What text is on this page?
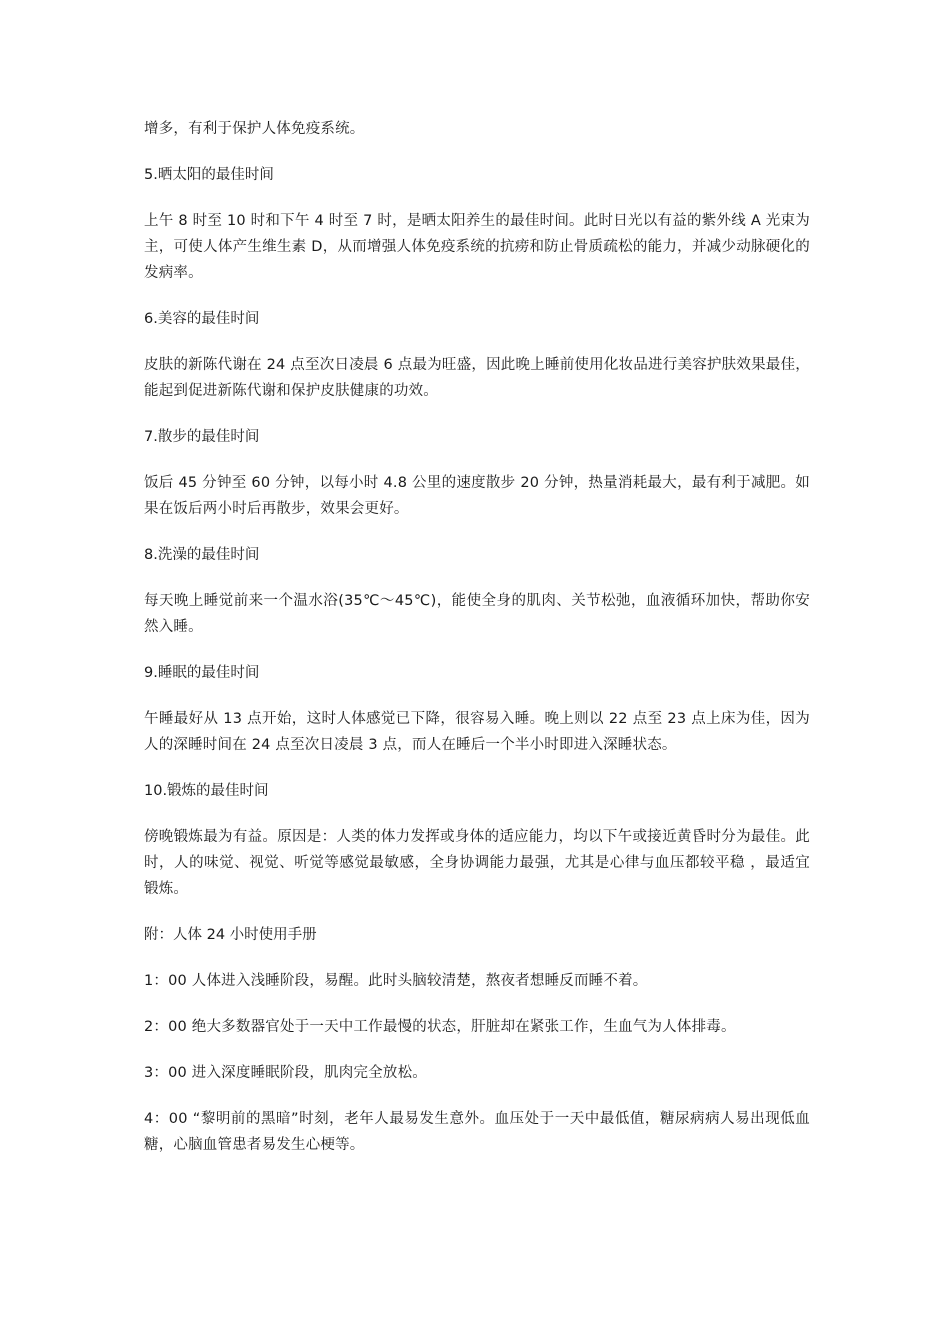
增多，有利于保护人体免疫系统。

5.晒太阳的最佳时间

上午 8 时至 10 时和下午 4 时至 7 时，是晒太阳养生的最佳时间。此时日光以有益的紫外线 A 光束为主，可使人体产生维生素 D，从而增强人体免疫系统的抗痨和防止骨质疏松的能力，并减少动脉硬化的发病率。

6.美容的最佳时间

皮肤的新陈代谢在 24 点至次日凌晨 6 点最为旺盛，因此晚上睡前使用化妆品进行美容护肤效果最佳，能起到促进新陈代谢和保护皮肤健康的功效。

7.散步的最佳时间

饭后 45 分钟至 60 分钟，以每小时 4.8 公里的速度散步 20 分钟，热量消耗最大，最有利于减肥。如果在饭后两小时后再散步，效果会更好。

8.洗澡的最佳时间

每天晚上睡觉前来一个温水浴(35℃～45℃)，能使全身的肌肉、关节松弛，血液循环加快，帮助你安然入睡。

9.睡眠的最佳时间

午睡最好从 13 点开始，这时人体感觉已下降，很容易入睡。晚上则以 22 点至 23 点上床为佳，因为人的深睡时间在 24 点至次日凌晨 3 点，而人在睡后一个半小时即进入深睡状态。

10.锻炼的最佳时间

傍晚锻炼最为有益。原因是：人类的体力发挥或身体的适应能力，均以下午或接近黄昏时分为最佳。此时，人的味觉、视觉、听觉等感觉最敏感，全身协调能力最强，尤其是心律与血压都较平稳 ，最适宜锻炼。

附：人体 24 小时使用手册

1：00 人体进入浅睡阶段，易醒。此时头脑较清楚，熬夜者想睡反而睡不着。

2：00 绝大多数器官处于一天中工作最慢的状态，肝脏却在紧张工作，生血气为人体排毒。

3：00 进入深度睡眠阶段，肌肉完全放松。

4：00 “黎明前的黑暗”时刻，老年人最易发生意外。血压处于一天中最低值，糖尿病病人易出现低血糖，心脑血管患者易发生心梗等。
